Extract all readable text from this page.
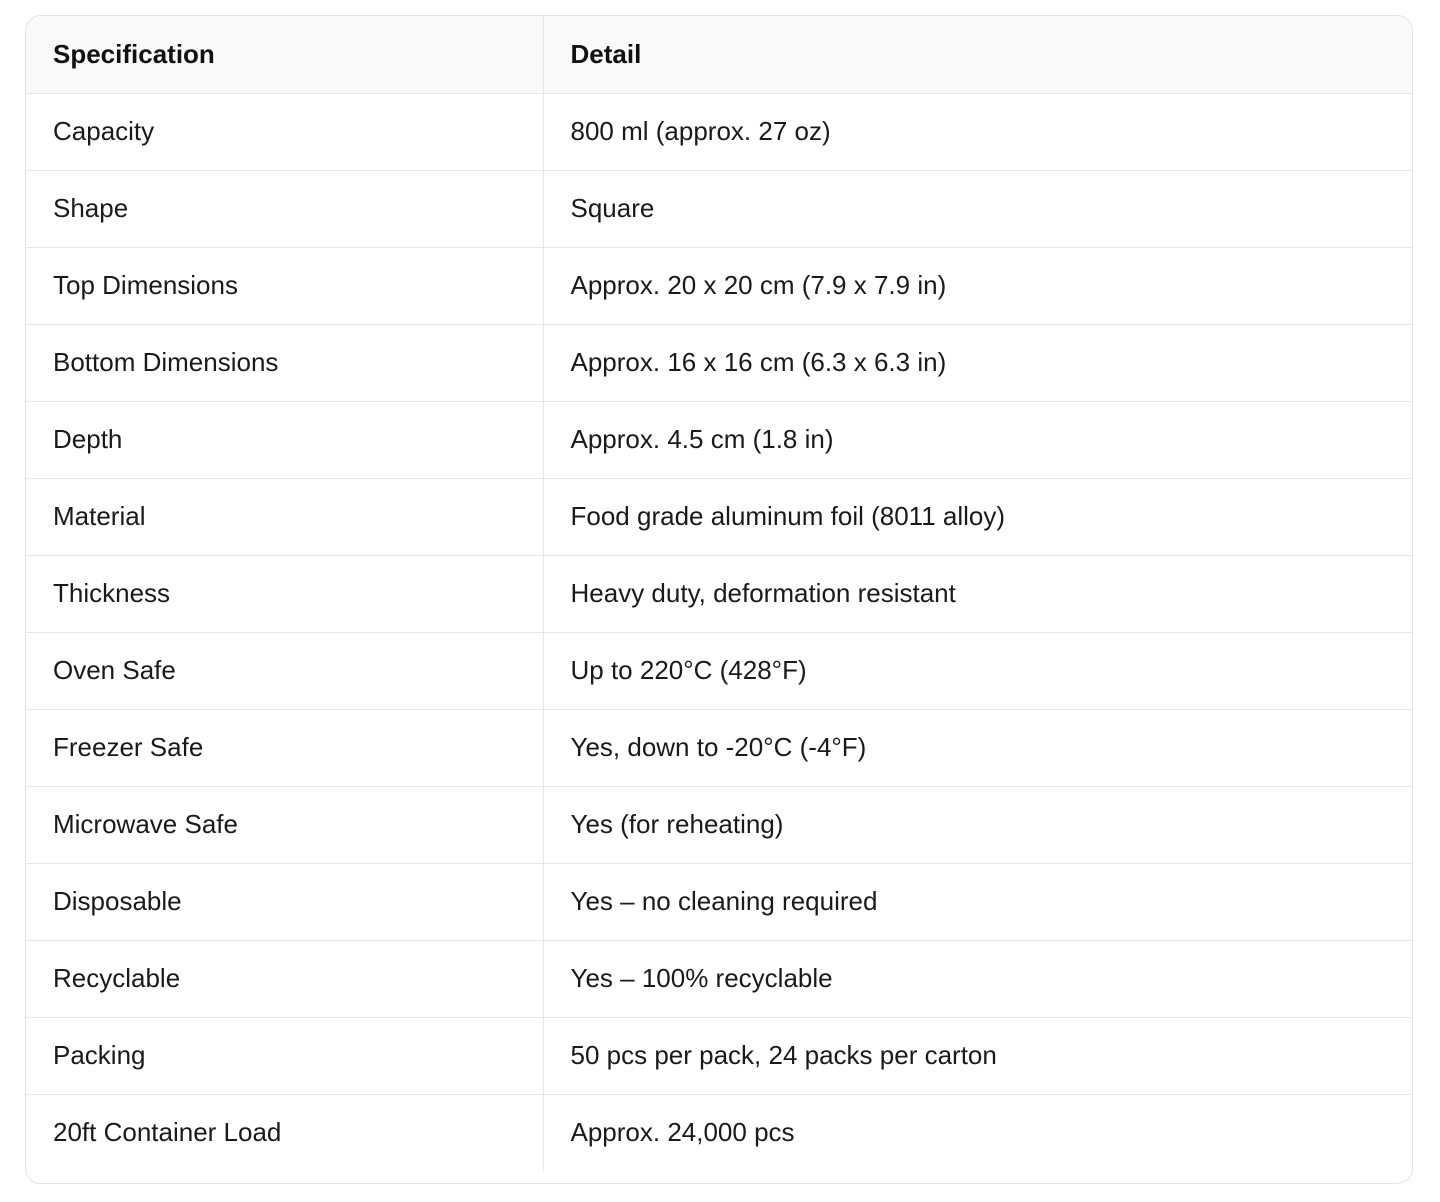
Specification	Detail
Capacity	800 ml (approx. 27 oz)
Shape	Square
Top Dimensions	Approx. 20 x 20 cm (7.9 x 7.9 in)
Bottom Dimensions	Approx. 16 x 16 cm (6.3 x 6.3 in)
Depth	Approx. 4.5 cm (1.8 in)
Material	Food grade aluminum foil (8011 alloy)
Thickness	Heavy duty, deformation resistant
Oven Safe	Up to 220°C (428°F)
Freezer Safe	Yes, down to -20°C (-4°F)
Microwave Safe	Yes (for reheating)
Disposable	Yes – no cleaning required
Recyclable	Yes – 100% recyclable
Packing	50 pcs per pack, 24 packs per carton
20ft Container Load	Approx. 24,000 pcs
